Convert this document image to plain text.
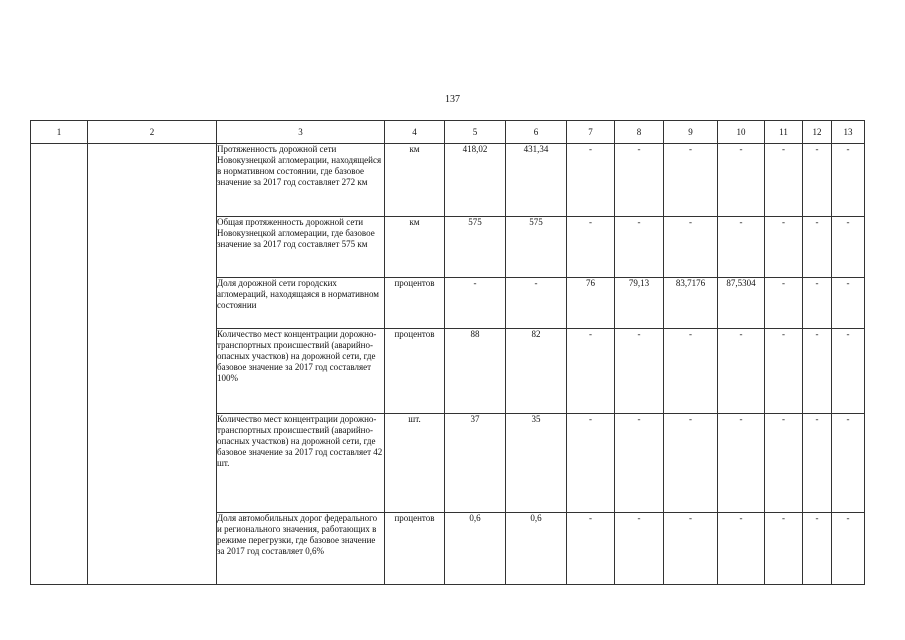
137
1	2	3	4	5	6	7	8	9	10	11	12	13
		Протяженность дорожной сети Новокузнецкой агломерации, находящейся в нормативном состоянии, где базовое значение за 2017 год составляет 272 км	км	418,02	431,34	-	-	-	-	-	-	-
		Общая протяженность дорожной сети Новокузнецкой агломерации, где базовое значение за 2017 год составляет 575 км	км	575	575	-	-	-	-	-	-	-
		Доля дорожной сети городских агломераций, находящаяся в нормативном состоянии	процентов	-	-	76	79,13	83,7176	87,5304	-	-	-
		Количество мест концентрации дорожно-транспортных происшествий (аварийно-опасных участков) на дорожной сети, где базовое значение за 2017 год составляет 100%	процентов	88	82	-	-	-	-	-	-	-
		Количество мест концентрации дорожно-транспортных происшествий (аварийно-опасных участков) на дорожной сети, где базовое значение за 2017 год составляет 42 шт.	шт.	37	35	-	-	-	-	-	-	-
		Доля автомобильных дорог федерального и регионального значения, работающих в режиме перегрузки, где базовое значение за 2017 год составляет 0,6%	процентов	0,6	0,6	-	-	-	-	-	-	-
